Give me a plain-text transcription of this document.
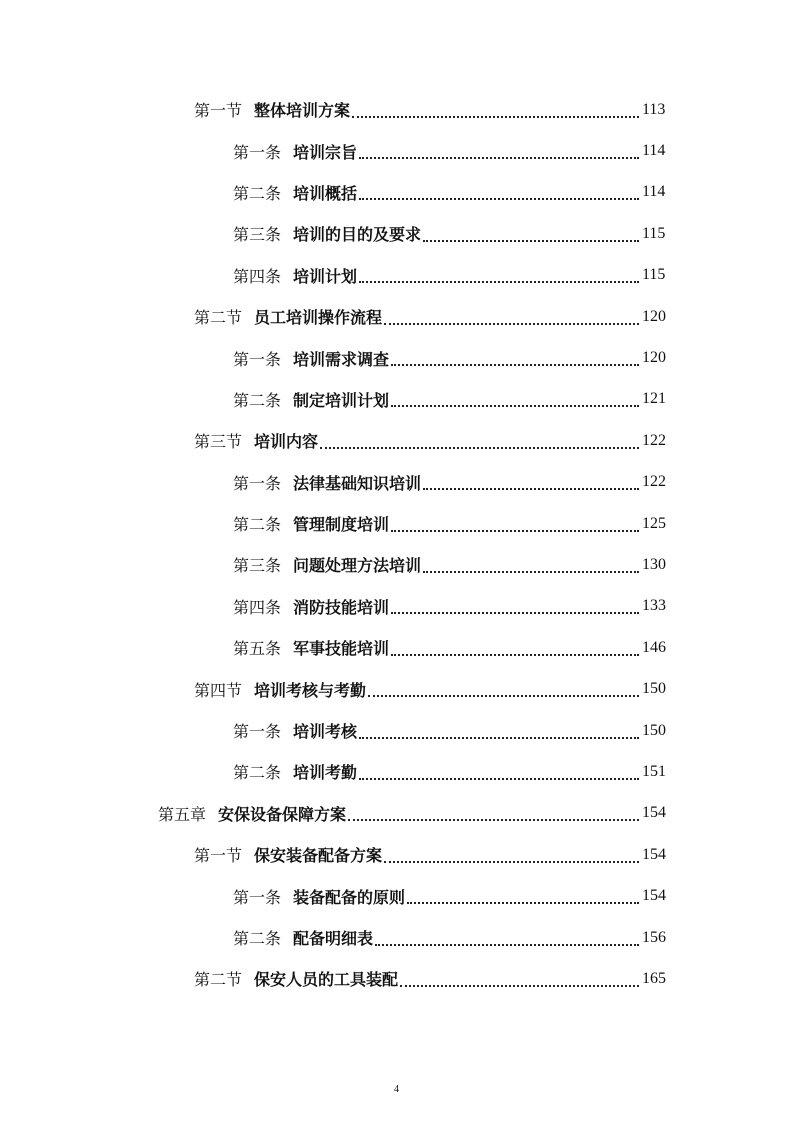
第一节 整体培训方案	113
第一条 培训宗旨	114
第二条 培训概括	114
第三条 培训的目的及要求	115
第四条 培训计划	115
第二节 员工培训操作流程	120
第一条 培训需求调查	120
第二条 制定培训计划	121
第三节 培训内容	122
第一条 法律基础知识培训	122
第二条 管理制度培训	125
第三条 问题处理方法培训	130
第四条 消防技能培训	133
第五条 军事技能培训	146
第四节 培训考核与考勤	150
第一条 培训考核	150
第二条 培训考勤	151
第五章 安保设备保障方案	154
第一节 保安装备配备方案	154
第一条 装备配备的原则	154
第二条 配备明细表	156
第二节 保安人员的工具装配	165
4
